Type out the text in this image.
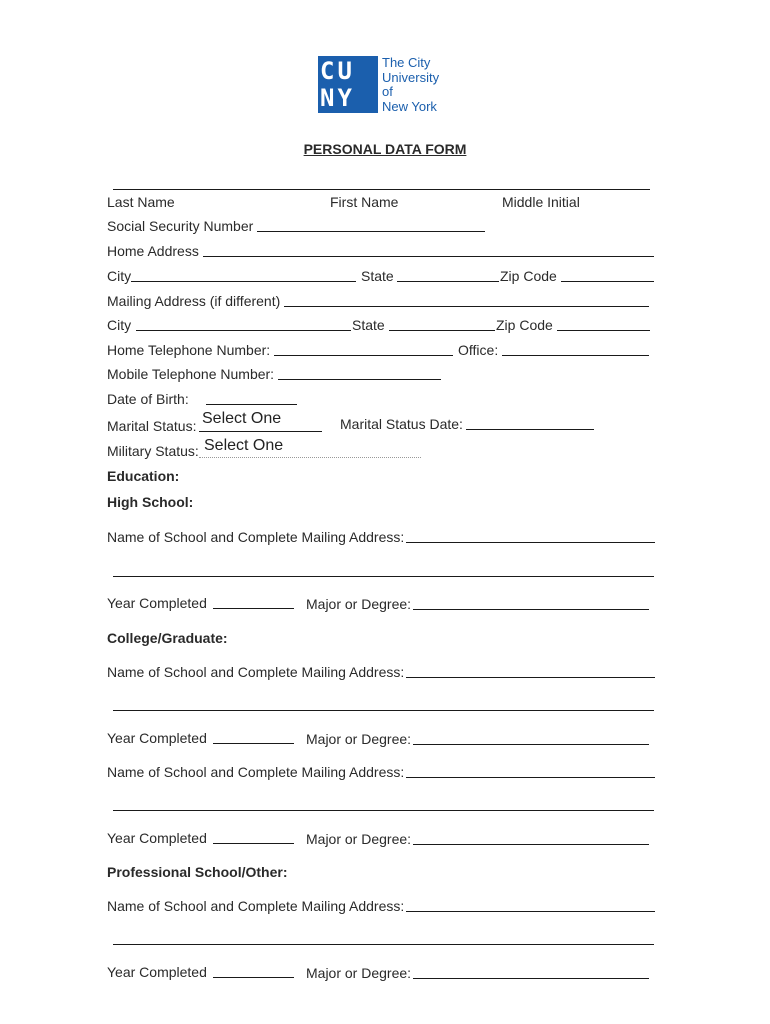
CU
NY
The City
University
of
New York
PERSONAL DATA FORM
Last Name	First Name	Middle Initial
Social Security Number
Home Address
City	State	Zip Code
Mailing Address (if different)
City	State	Zip Code
Home Telephone Number:	Office:
Mobile Telephone Number:
Date of Birth:
Marital Status: Select One	Marital Status Date:
Military Status: Select One
Education:
High School:
Name of School and Complete Mailing Address:
Year Completed	Major or Degree:
College/Graduate:
Name of School and Complete Mailing Address:
Year Completed	Major or Degree:
Name of School and Complete Mailing Address:
Year Completed	Major or Degree:
Professional School/Other:
Name of School and Complete Mailing Address:
Year Completed	Major or Degree:
